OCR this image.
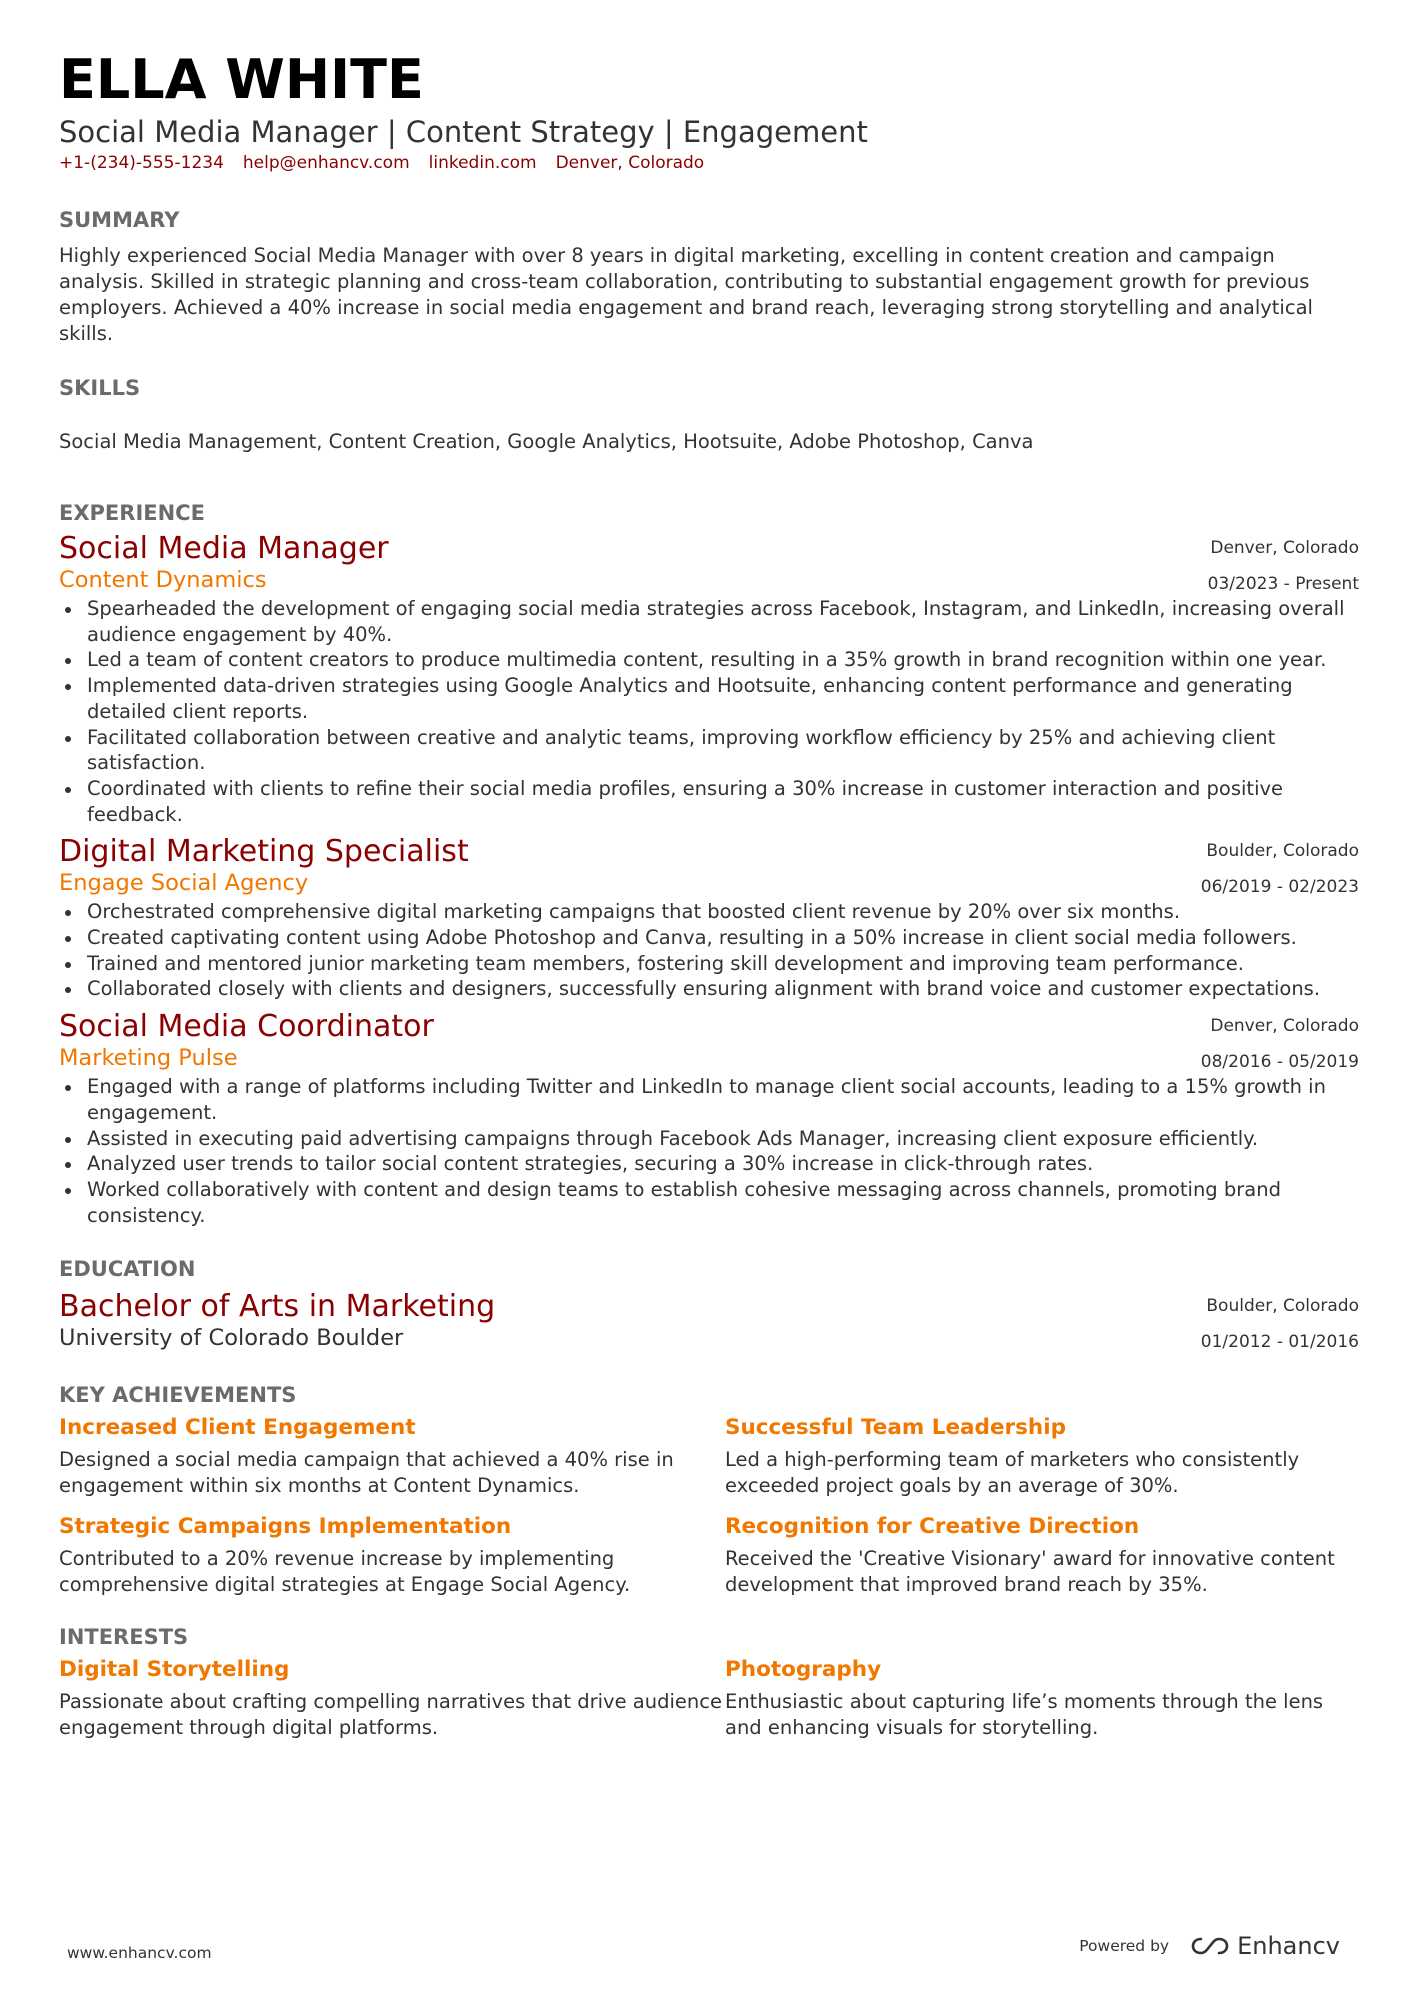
ELLA WHITE
Social Media Manager | Content Strategy | Engagement
+1-(234)-555-1234 help@enhancv.com linkedin.com Denver, Colorado
SUMMARY
Highly experienced Social Media Manager with over 8 years in digital marketing, excelling in content creation and campaign analysis. Skilled in strategic planning and cross-team collaboration, contributing to substantial engagement growth for previous employers. Achieved a 40% increase in social media engagement and brand reach, leveraging strong storytelling and analytical skills.
SKILLS
Social Media Management, Content Creation, Google Analytics, Hootsuite, Adobe Photoshop, Canva
EXPERIENCE
Social Media Manager
Content Dynamics
Denver, Colorado
03/2023 - Present
Spearheaded the development of engaging social media strategies across Facebook, Instagram, and LinkedIn, increasing overall audience engagement by 40%.
Led a team of content creators to produce multimedia content, resulting in a 35% growth in brand recognition within one year.
Implemented data-driven strategies using Google Analytics and Hootsuite, enhancing content performance and generating detailed client reports.
Facilitated collaboration between creative and analytic teams, improving workflow efficiency by 25% and achieving client satisfaction.
Coordinated with clients to refine their social media profiles, ensuring a 30% increase in customer interaction and positive feedback.
Digital Marketing Specialist
Engage Social Agency
Boulder, Colorado
06/2019 - 02/2023
Orchestrated comprehensive digital marketing campaigns that boosted client revenue by 20% over six months.
Created captivating content using Adobe Photoshop and Canva, resulting in a 50% increase in client social media followers.
Trained and mentored junior marketing team members, fostering skill development and improving team performance.
Collaborated closely with clients and designers, successfully ensuring alignment with brand voice and customer expectations.
Social Media Coordinator
Marketing Pulse
Denver, Colorado
08/2016 - 05/2019
Engaged with a range of platforms including Twitter and LinkedIn to manage client social accounts, leading to a 15% growth in engagement.
Assisted in executing paid advertising campaigns through Facebook Ads Manager, increasing client exposure efficiently.
Analyzed user trends to tailor social content strategies, securing a 30% increase in click-through rates.
Worked collaboratively with content and design teams to establish cohesive messaging across channels, promoting brand consistency.
EDUCATION
Bachelor of Arts in Marketing
University of Colorado Boulder
Boulder, Colorado
01/2012 - 01/2016
KEY ACHIEVEMENTS
Increased Client Engagement
Designed a social media campaign that achieved a 40% rise in engagement within six months at Content Dynamics.
Successful Team Leadership
Led a high-performing team of marketers who consistently exceeded project goals by an average of 30%.
Strategic Campaigns Implementation
Contributed to a 20% revenue increase by implementing comprehensive digital strategies at Engage Social Agency.
Recognition for Creative Direction
Received the 'Creative Visionary' award for innovative content development that improved brand reach by 35%.
INTERESTS
Digital Storytelling
Passionate about crafting compelling narratives that drive audience engagement through digital platforms.
Photography
Enthusiastic about capturing life’s moments through the lens and enhancing visuals for storytelling.
www.enhancv.com	Powered by	Enhancv
